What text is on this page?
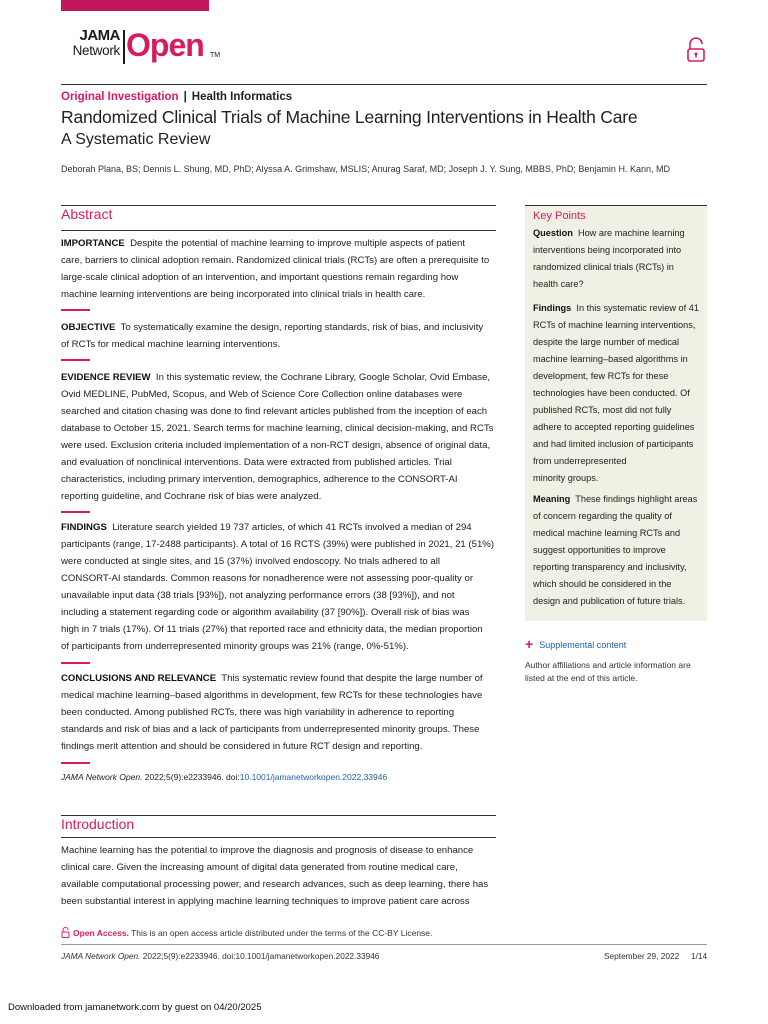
JAMA
Network Open TM
Original Investigation | Health Informatics
Randomized Clinical Trials of Machine Learning Interventions in Health Care
A Systematic Review
Deborah Plana, BS; Dennis L. Shung, MD, PhD; Alyssa A. Grimshaw, MSLIS; Anurag Saraf, MD; Joseph J. Y. Sung, MBBS, PhD; Benjamin H. Kann, MD
Abstract
IMPORTANCE Despite the potential of machine learning to improve multiple aspects of patient
care, barriers to clinical adoption remain. Randomized clinical trials (RCTs) are often a prerequisite to
large-scale clinical adoption of an intervention, and important questions remain regarding how
machine learning interventions are being incorporated into clinical trials in health care.
OBJECTIVE To systematically examine the design, reporting standards, risk of bias, and inclusivity
of RCTs for medical machine learning interventions.
EVIDENCE REVIEW In this systematic review, the Cochrane Library, Google Scholar, Ovid Embase,
Ovid MEDLINE, PubMed, Scopus, and Web of Science Core Collection online databases were
searched and citation chasing was done to find relevant articles published from the inception of each
database to October 15, 2021. Search terms for machine learning, clinical decision-making, and RCTs
were used. Exclusion criteria included implementation of a non-RCT design, absence of original data,
and evaluation of nonclinical interventions. Data were extracted from published articles. Trial
characteristics, including primary intervention, demographics, adherence to the CONSORT-AI
reporting guideline, and Cochrane risk of bias were analyzed.
FINDINGS Literature search yielded 19 737 articles, of which 41 RCTs involved a median of 294
participants (range, 17-2488 participants). A total of 16 RCTS (39%) were published in 2021, 21 (51%)
were conducted at single sites, and 15 (37%) involved endoscopy. No trials adhered to all
CONSORT-AI standards. Common reasons for nonadherence were not assessing poor-quality or
unavailable input data (38 trials [93%]), not analyzing performance errors (38 [93%]), and not
including a statement regarding code or algorithm availability (37 [90%]). Overall risk of bias was
high in 7 trials (17%). Of 11 trials (27%) that reported race and ethnicity data, the median proportion
of participants from underrepresented minority groups was 21% (range, 0%-51%).
CONCLUSIONS AND RELEVANCE This systematic review found that despite the large number of
medical machine learning–based algorithms in development, few RCTs for these technologies have
been conducted. Among published RCTs, there was high variability in adherence to reporting
standards and risk of bias and a lack of participants from underrepresented minority groups. These
findings merit attention and should be considered in future RCT design and reporting.
JAMA Network Open. 2022;5(9):e2233946. doi:10.1001/jamanetworkopen.2022.33946
Introduction
Machine learning has the potential to improve the diagnosis and prognosis of disease to enhance
clinical care. Given the increasing amount of digital data generated from routine medical care,
available computational processing power, and research advances, such as deep learning, there has
been substantial interest in applying machine learning techniques to improve patient care across
Key Points
Question How are machine learning
interventions being incorporated into
randomized clinical trials (RCTs) in
health care?
Findings In this systematic review of 41
RCTs of machine learning interventions,
despite the large number of medical
machine learning–based algorithms in
development, few RCTs for these
technologies have been conducted. Of
published RCTs, most did not fully
adhere to accepted reporting guidelines
and had limited inclusion of participants
from underrepresented
minority groups.
Meaning These findings highlight areas
of concern regarding the quality of
medical machine learning RCTs and
suggest opportunities to improve
reporting transparency and inclusivity,
which should be considered in the
design and publication of future trials.
+ Supplemental content
Author affiliations and article information are
listed at the end of this article.
Open Access. This is an open access article distributed under the terms of the CC-BY License.
JAMA Network Open. 2022;5(9):e2233946. doi:10.1001/jamanetworkopen.2022.33946	September 29, 2022 1/14
Downloaded from jamanetwork.com by guest on 04/20/2025
